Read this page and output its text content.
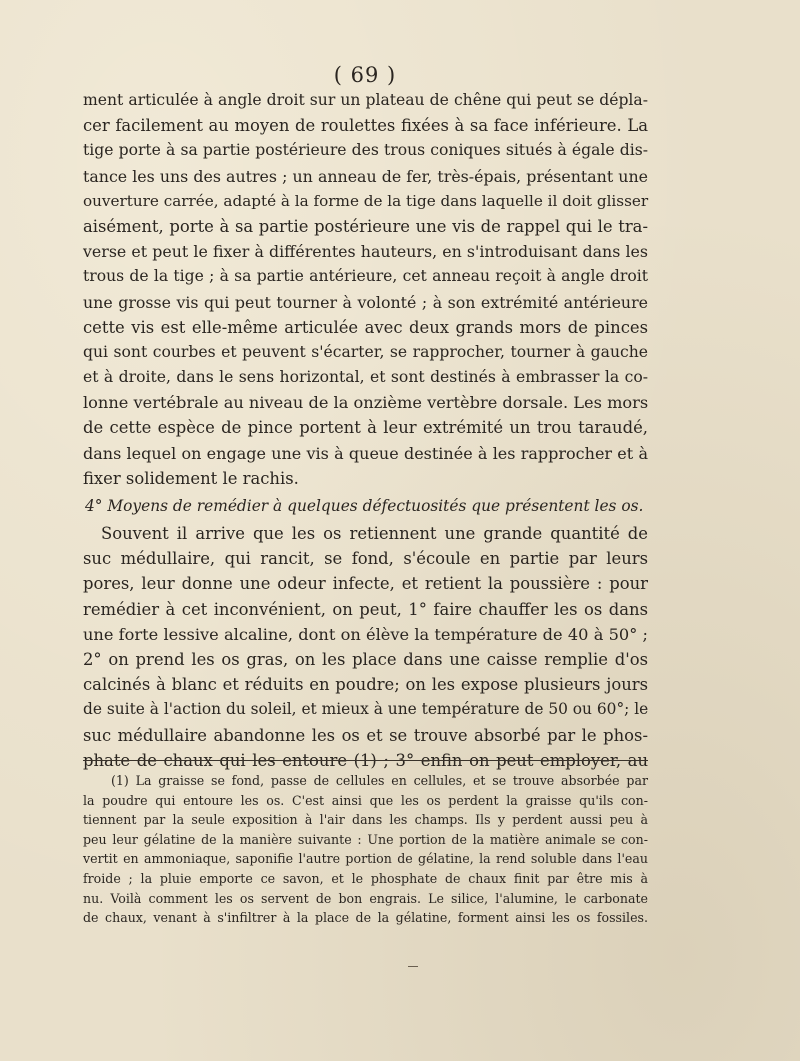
( 69 )
ment articulée à angle droit sur un plateau de chêne qui peut se dépla-
cer facilement au moyen de roulettes fixées à sa face inférieure. La
tige porte à sa partie postérieure des trous coniques situés à égale dis-
tance les uns des autres ; un anneau de fer, très-épais, présentant une
ouverture carrée, adapté à la forme de la tige dans laquelle il doit glisser
aisément, porte à sa partie postérieure une vis de rappel qui le tra-
verse et peut le fixer à différentes hauteurs, en s'introduisant dans les
trous de la tige ; à sa partie antérieure, cet anneau reçoit à angle droit
une grosse vis qui peut tourner à volonté ; à son extrémité antérieure
cette vis est elle-même articulée avec deux grands mors de pinces
qui sont courbes et peuvent s'écarter, se rapprocher, tourner à gauche
et à droite, dans le sens horizontal, et sont destinés à embrasser la co-
lonne vertébrale au niveau de la onzième vertèbre dorsale. Les mors
de cette espèce de pince portent à leur extrémité un trou taraudé,
dans lequel on engage une vis à queue destinée à les rapprocher et à
fixer solidement le rachis.
4° Moyens de remédier à quelques défectuosités que présentent les os.
Souvent il arrive que les os retiennent une grande quantité de
suc médullaire, qui rancit, se fond, s'écoule en partie par leurs
pores, leur donne une odeur infecte, et retient la poussière : pour
remédier à cet inconvénient, on peut, 1° faire chauffer les os dans
une forte lessive alcaline, dont on élève la température de 40 à 50° ;
2° on prend les os gras, on les place dans une caisse remplie d'os
calcinés à blanc et réduits en poudre; on les expose plusieurs jours
de suite à l'action du soleil, et mieux à une température de 50 ou 60°; le
suc médullaire abandonne les os et se trouve absorbé par le phos-
phate de chaux qui les entoure (1) ; 3° enfin on peut employer, au
(1) La graisse se fond, passe de cellules en cellules, et se trouve absorbée par
la poudre qui entoure les os. C'est ainsi que les os perdent la graisse qu'ils con-
tiennent par la seule exposition à l'air dans les champs. Ils y perdent aussi peu à
peu leur gélatine de la manière suivante : Une portion de la matière animale se con-
vertit en ammoniaque, saponifie l'autre portion de gélatine, la rend soluble dans l'eau
froide ; la pluie emporte ce savon, et le phosphate de chaux finit par être mis à
nu. Voilà comment les os servent de bon engrais. Le silice, l'alumine, le carbonate
de chaux, venant à s'infiltrer à la place de la gélatine, forment ainsi les os fossiles.
